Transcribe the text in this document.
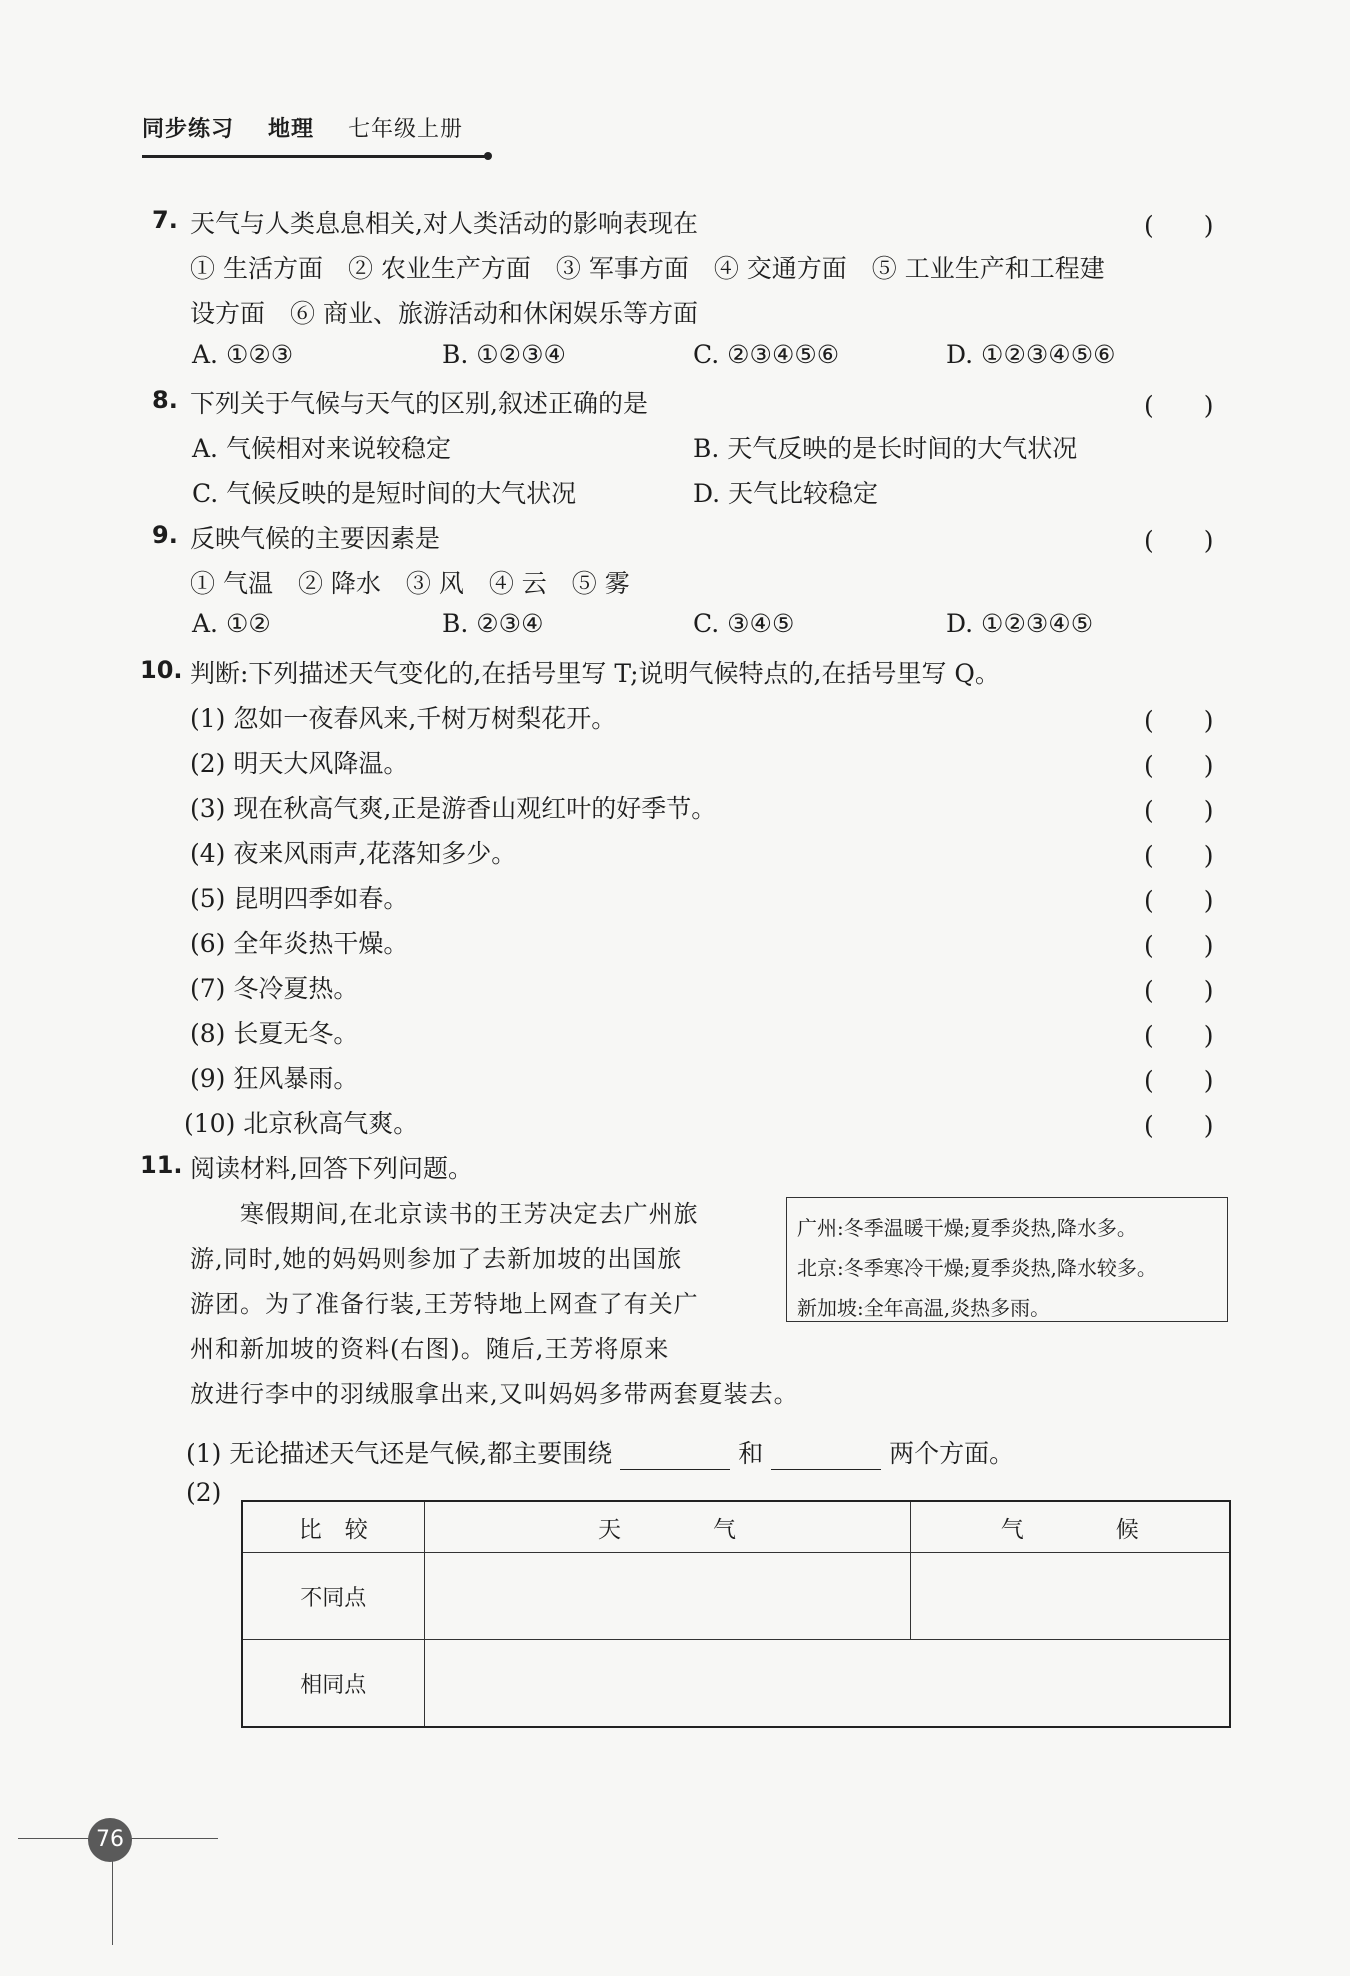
同步练习 地理 七年级上册
7. 天气与人类息息相关,对人类活动的影响表现在	(　　)
① 生活方面　② 农业生产方面　③ 军事方面　④ 交通方面　⑤ 工业生产和工程建
设方面　⑥ 商业、旅游活动和休闲娱乐等方面
A. ①②③	B. ①②③④	C. ②③④⑤⑥	D. ①②③④⑤⑥
8. 下列关于气候与天气的区别,叙述正确的是	(　　)
A. 气候相对来说较稳定	B. 天气反映的是长时间的大气状况
C. 气候反映的是短时间的大气状况	D. 天气比较稳定
9. 反映气候的主要因素是	(　　)
① 气温　② 降水　③ 风　④ 云　⑤ 雾
A. ①②	B. ②③④	C. ③④⑤	D. ①②③④⑤
10. 判断:下列描述天气变化的,在括号里写 T;说明气候特点的,在括号里写 Q。
(1) 忽如一夜春风来,千树万树梨花开。	(　　)
(2) 明天大风降温。	(　　)
(3) 现在秋高气爽,正是游香山观红叶的好季节。	(　　)
(4) 夜来风雨声,花落知多少。	(　　)
(5) 昆明四季如春。	(　　)
(6) 全年炎热干燥。	(　　)
(7) 冬冷夏热。	(　　)
(8) 长夏无冬。	(　　)
(9) 狂风暴雨。	(　　)
(10) 北京秋高气爽。	(　　)
11. 阅读材料,回答下列问题。
寒假期间,在北京读书的王芳决定去广州旅
游,同时,她的妈妈则参加了去新加坡的出国旅
游团。为了准备行装,王芳特地上网查了有关广
州和新加坡的资料(右图)。随后,王芳将原来
放进行李中的羽绒服拿出来,又叫妈妈多带两套夏装去。
广州:冬季温暖干燥;夏季炎热,降水多。
北京:冬季寒冷干燥;夏季炎热,降水较多。
新加坡:全年高温,炎热多雨。
(1) 无论描述天气还是气候,都主要围绕	和	两个方面。
(2)
比　较	天　　　　气	气　　　　候
不同点		
相同点		
76
